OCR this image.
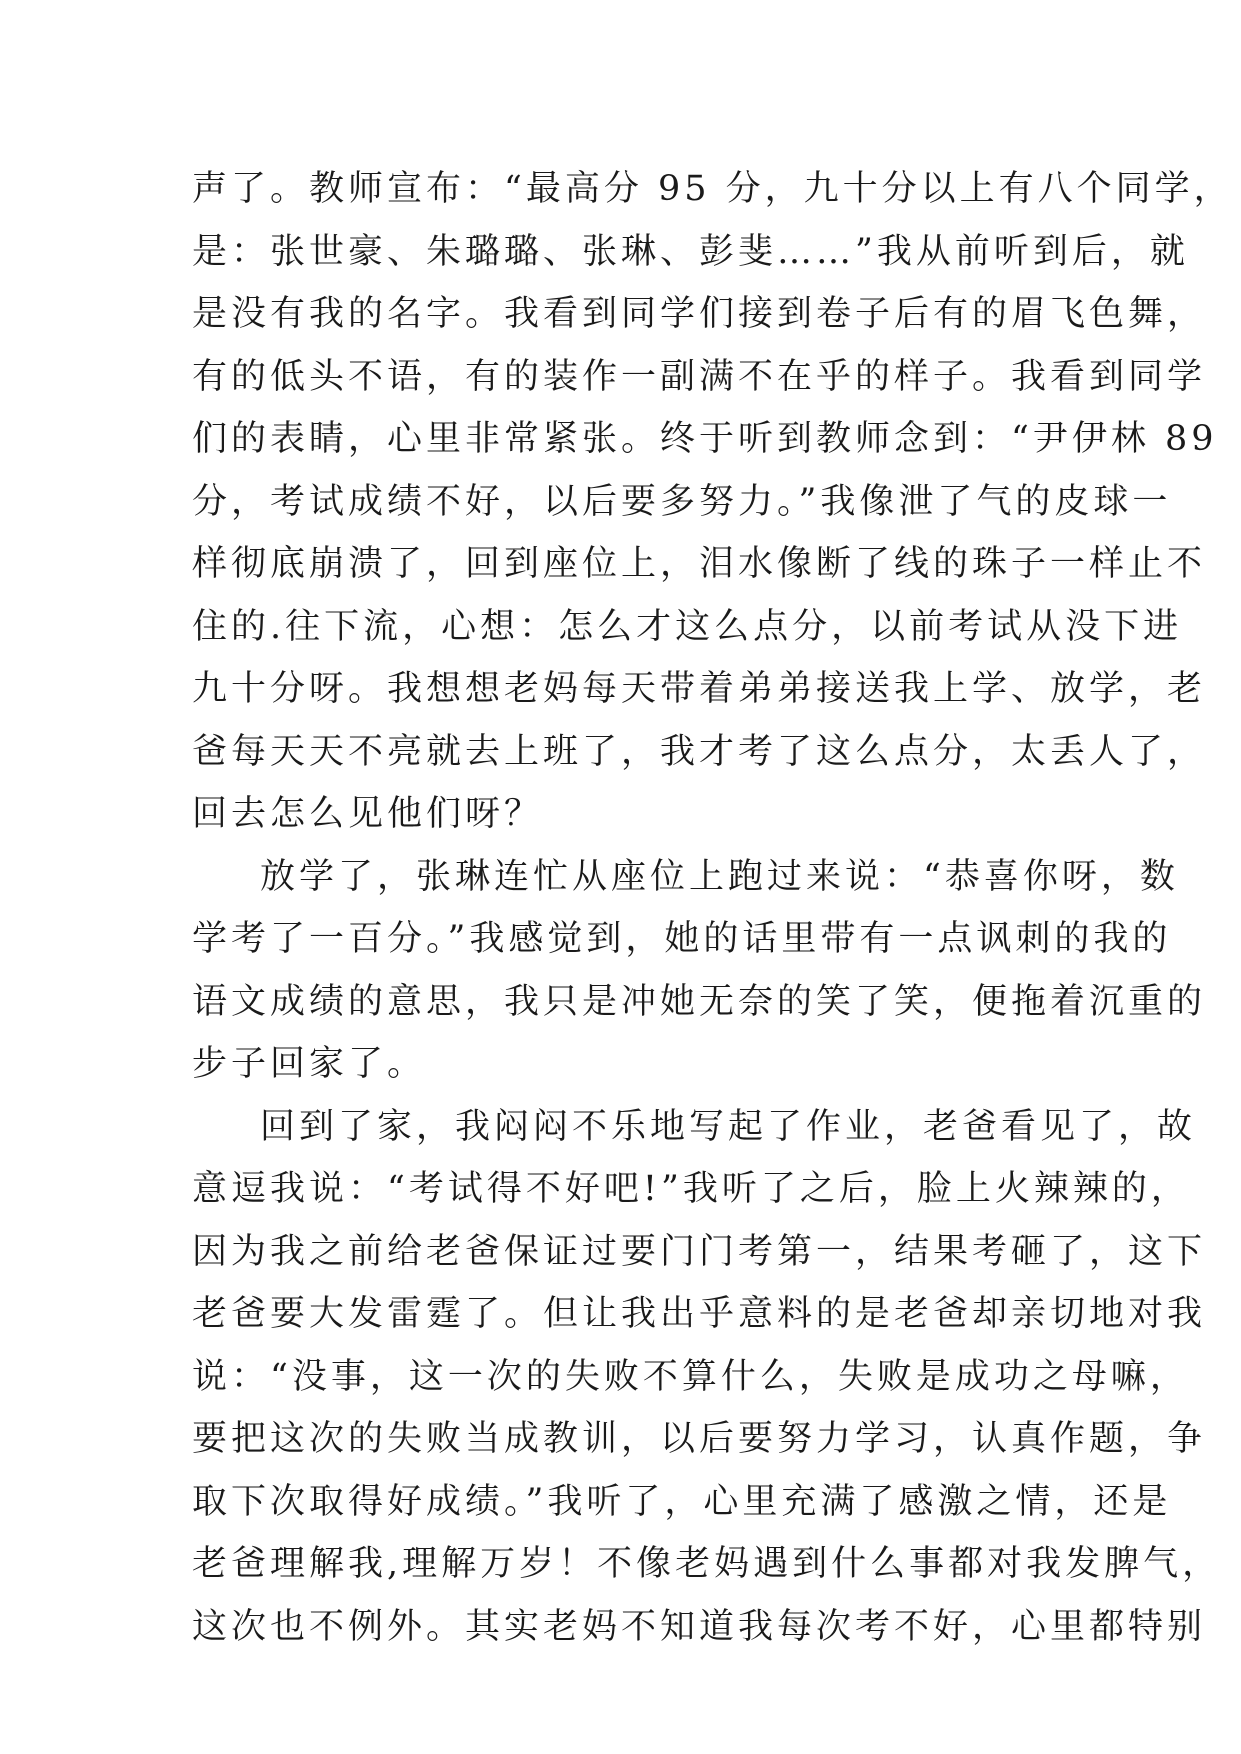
声了。教师宣布：“最高分 95 分，九十分以上有八个同学，
是：张世豪、朱璐璐、张琳、彭斐……”我从前听到后，就
是没有我的名字。我看到同学们接到卷子后有的眉飞色舞，
有的低头不语，有的装作一副满不在乎的样子。我看到同学
们的表睛，心里非常紧张。终于听到教师念到：“尹伊林 89
分，考试成绩不好，以后要多努力。”我像泄了气的皮球一
样彻底崩溃了，回到座位上，泪水像断了线的珠子一样止不
住的.往下流，心想：怎么才这么点分，以前考试从没下进
九十分呀。我想想老妈每天带着弟弟接送我上学、放学，老
爸每天天不亮就去上班了，我才考了这么点分，太丢人了，
回去怎么见他们呀？
放学了，张琳连忙从座位上跑过来说：“恭喜你呀，数
学考了一百分。”我感觉到，她的话里带有一点讽刺的我的
语文成绩的意思，我只是冲她无奈的笑了笑，便拖着沉重的
步子回家了。
回到了家，我闷闷不乐地写起了作业，老爸看见了，故
意逗我说：“考试得不好吧!”我听了之后，脸上火辣辣的，
因为我之前给老爸保证过要门门考第一，结果考砸了，这下
老爸要大发雷霆了。但让我出乎意料的是老爸却亲切地对我
说：“没事，这一次的失败不算什么，失败是成功之母嘛，
要把这次的失败当成教训，以后要努力学习，认真作题，争
取下次取得好成绩。”我听了，心里充满了感激之情，还是
老爸理解我,理解万岁！不像老妈遇到什么事都对我发脾气，
这次也不例外。其实老妈不知道我每次考不好，心里都特别
